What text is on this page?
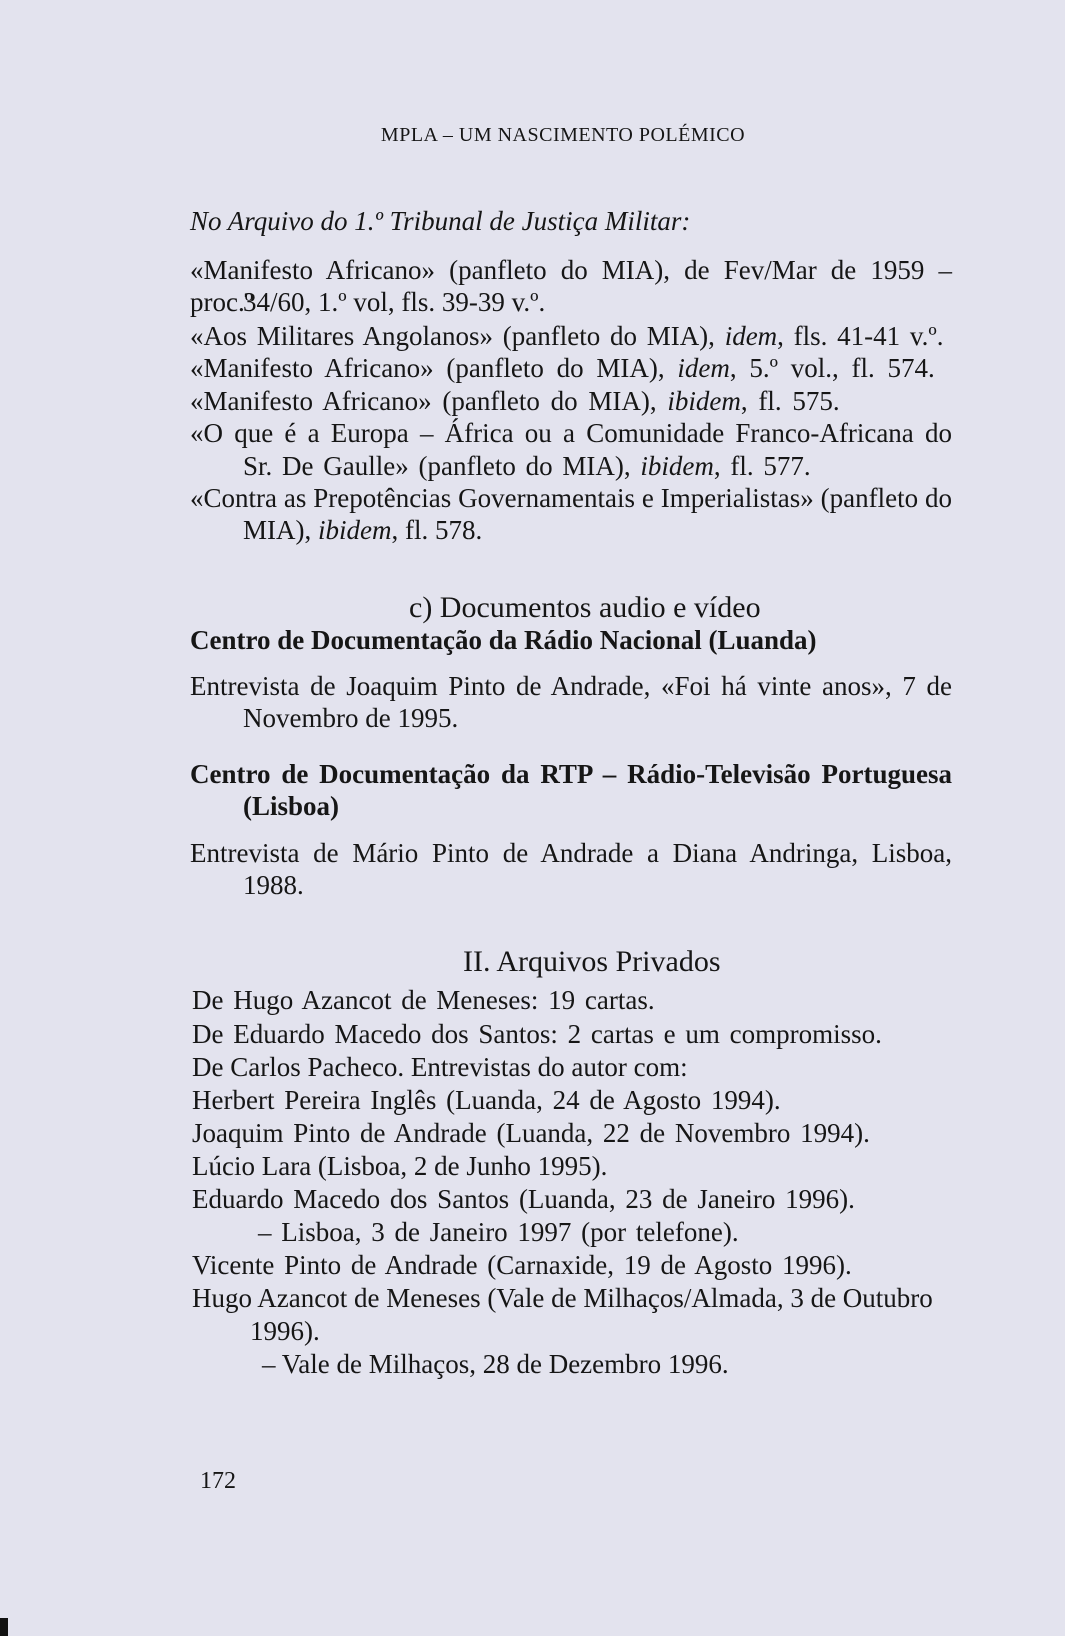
MPLA – UM NASCIMENTO POLÉMICO
No Arquivo do 1.º Tribunal de Justiça Militar:
«Manifesto Africano» (panfleto do MIA), de Fev/Mar de 1959 – proc.º
34/60, 1.º vol, fls. 39-39 v.º.
«Aos Militares Angolanos» (panfleto do MIA), idem, fls. 41-41 v.º.
«Manifesto Africano» (panfleto do MIA), idem, 5.º vol., fl. 574.
«Manifesto Africano» (panfleto do MIA), ibidem, fl. 575.
«O que é a Europa – África ou a Comunidade Franco-Africana do
Sr. De Gaulle» (panfleto do MIA), ibidem, fl. 577.
«Contra as Prepotências Governamentais e Imperialistas» (panfleto do
MIA), ibidem, fl. 578.
c) Documentos audio e vídeo
Centro de Documentação da Rádio Nacional (Luanda)
Entrevista de Joaquim Pinto de Andrade, «Foi há vinte anos», 7 de
Novembro de 1995.
Centro de Documentação da RTP – Rádio-Televisão Portuguesa
(Lisboa)
Entrevista de Mário Pinto de Andrade a Diana Andringa, Lisboa,
1988.
II. Arquivos Privados
De Hugo Azancot de Meneses: 19 cartas.
De Eduardo Macedo dos Santos: 2 cartas e um compromisso.
De Carlos Pacheco. Entrevistas do autor com:
Herbert Pereira Inglês (Luanda, 24 de Agosto 1994).
Joaquim Pinto de Andrade (Luanda, 22 de Novembro 1994).
Lúcio Lara (Lisboa, 2 de Junho 1995).
Eduardo Macedo dos Santos (Luanda, 23 de Janeiro 1996).
– Lisboa, 3 de Janeiro 1997 (por telefone).
Vicente Pinto de Andrade (Carnaxide, 19 de Agosto 1996).
Hugo Azancot de Meneses (Vale de Milhaços/Almada, 3 de Outubro
1996).
– Vale de Milhaços, 28 de Dezembro 1996.
172
